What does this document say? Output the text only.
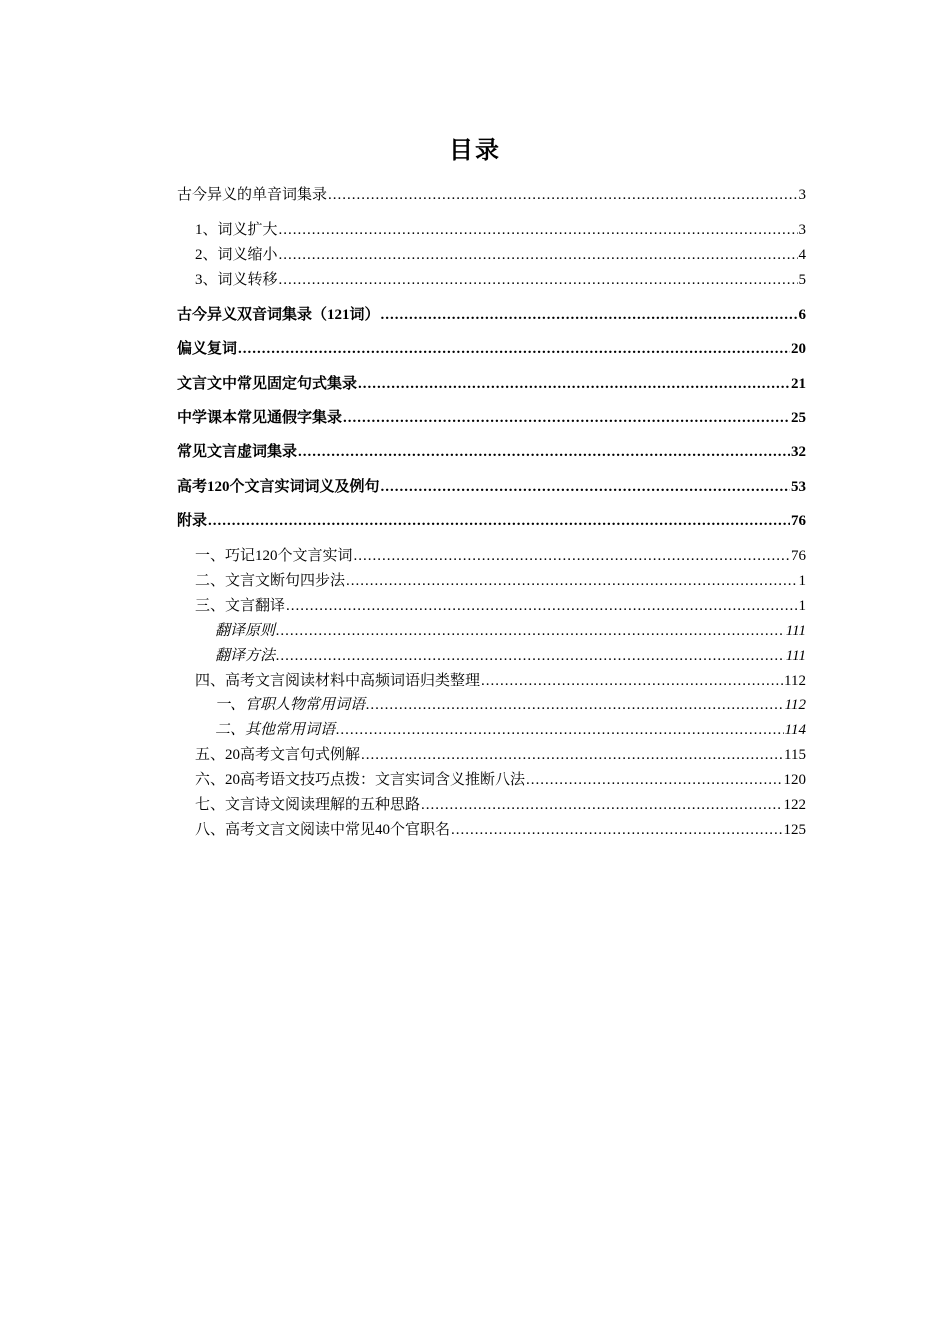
目录
古今异义的单音词集录 .....	3
1、词义扩大 .....	3
2、词义缩小 .....	4
3、词义转移 .....	5
古今异义双音词集录（121词） .....	6
偏义复词 .....	20
文言文中常见固定句式集录 .....	21
中学课本常见通假字集录 .....	25
常见文言虚词集录 .....	32
高考120个文言实词词义及例句 .....	53
附录 .....	76
一、巧记120个文言实词 .....	76
二、文言文断句四步法 .....	1
三、文言翻译 .....	1
翻译原则 .....	111
翻译方法 .....	111
四、高考文言阅读材料中高频词语归类整理 .....	112
一、官职人物常用词语 .....	112
二、其他常用词语 .....	114
五、20高考文言句式例解 .....	115
六、20高考语文技巧点拨：文言实词含义推断八法 .....	120
七、文言诗文阅读理解的五种思路 .....	122
八、高考文言文阅读中常见40个官职名 .....	125
